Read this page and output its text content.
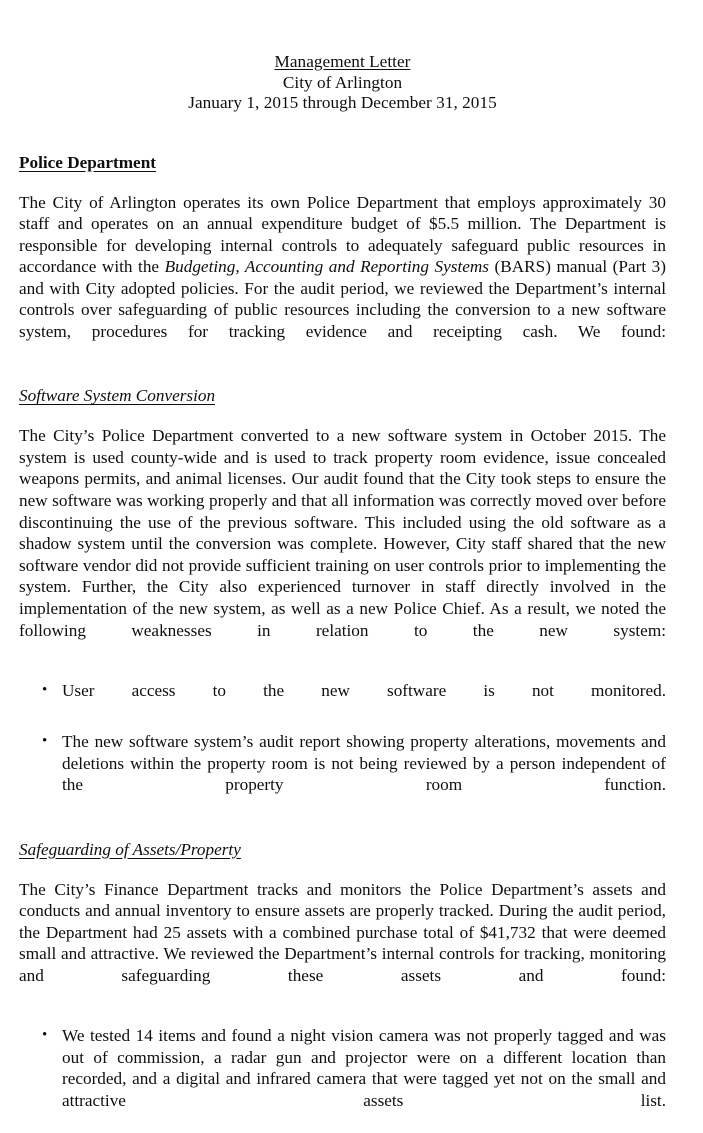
Management Letter
City of Arlington
January 1, 2015 through December 31, 2015
Police Department

The City of Arlington operates its own Police Department that employs approximately 30 staff and operates on an annual expenditure budget of $5.5 million. The Department is responsible for developing internal controls to adequately safeguard public resources in accordance with the Budgeting, Accounting and Reporting Systems (BARS) manual (Part 3) and with City adopted policies. For the audit period, we reviewed the Department’s internal controls over safeguarding of public resources including the conversion to a new software system, procedures for tracking evidence and receipting cash. We found:

Software System Conversion

The City’s Police Department converted to a new software system in October 2015. The system is used county-wide and is used to track property room evidence, issue concealed weapons permits, and animal licenses. Our audit found that the City took steps to ensure the new software was working properly and that all information was correctly moved over before discontinuing the use of the previous software. This included using the old software as a shadow system until the conversion was complete. However, City staff shared that the new software vendor did not provide sufficient training on user controls prior to implementing the system. Further, the City also experienced turnover in staff directly involved in the implementation of the new system, as well as a new Police Chief. As a result, we noted the following weaknesses in relation to the new system:

• User access to the new software is not monitored.
• The new software system’s audit report showing property alterations, movements and deletions within the property room is not being reviewed by a person independent of the property room function.
Safeguarding of Assets/Property

The City’s Finance Department tracks and monitors the Police Department’s assets and conducts and annual inventory to ensure assets are properly tracked. During the audit period, the Department had 25 assets with a combined purchase total of $41,732 that were deemed small and attractive. We reviewed the Department’s internal controls for tracking, monitoring and safeguarding these assets and found:

• We tested 14 items and found a night vision camera was not properly tagged and was out of commission, a radar gun and projector were on a different location than recorded, and a digital and infrared camera that were tagged yet not on the small and attractive assets list.
